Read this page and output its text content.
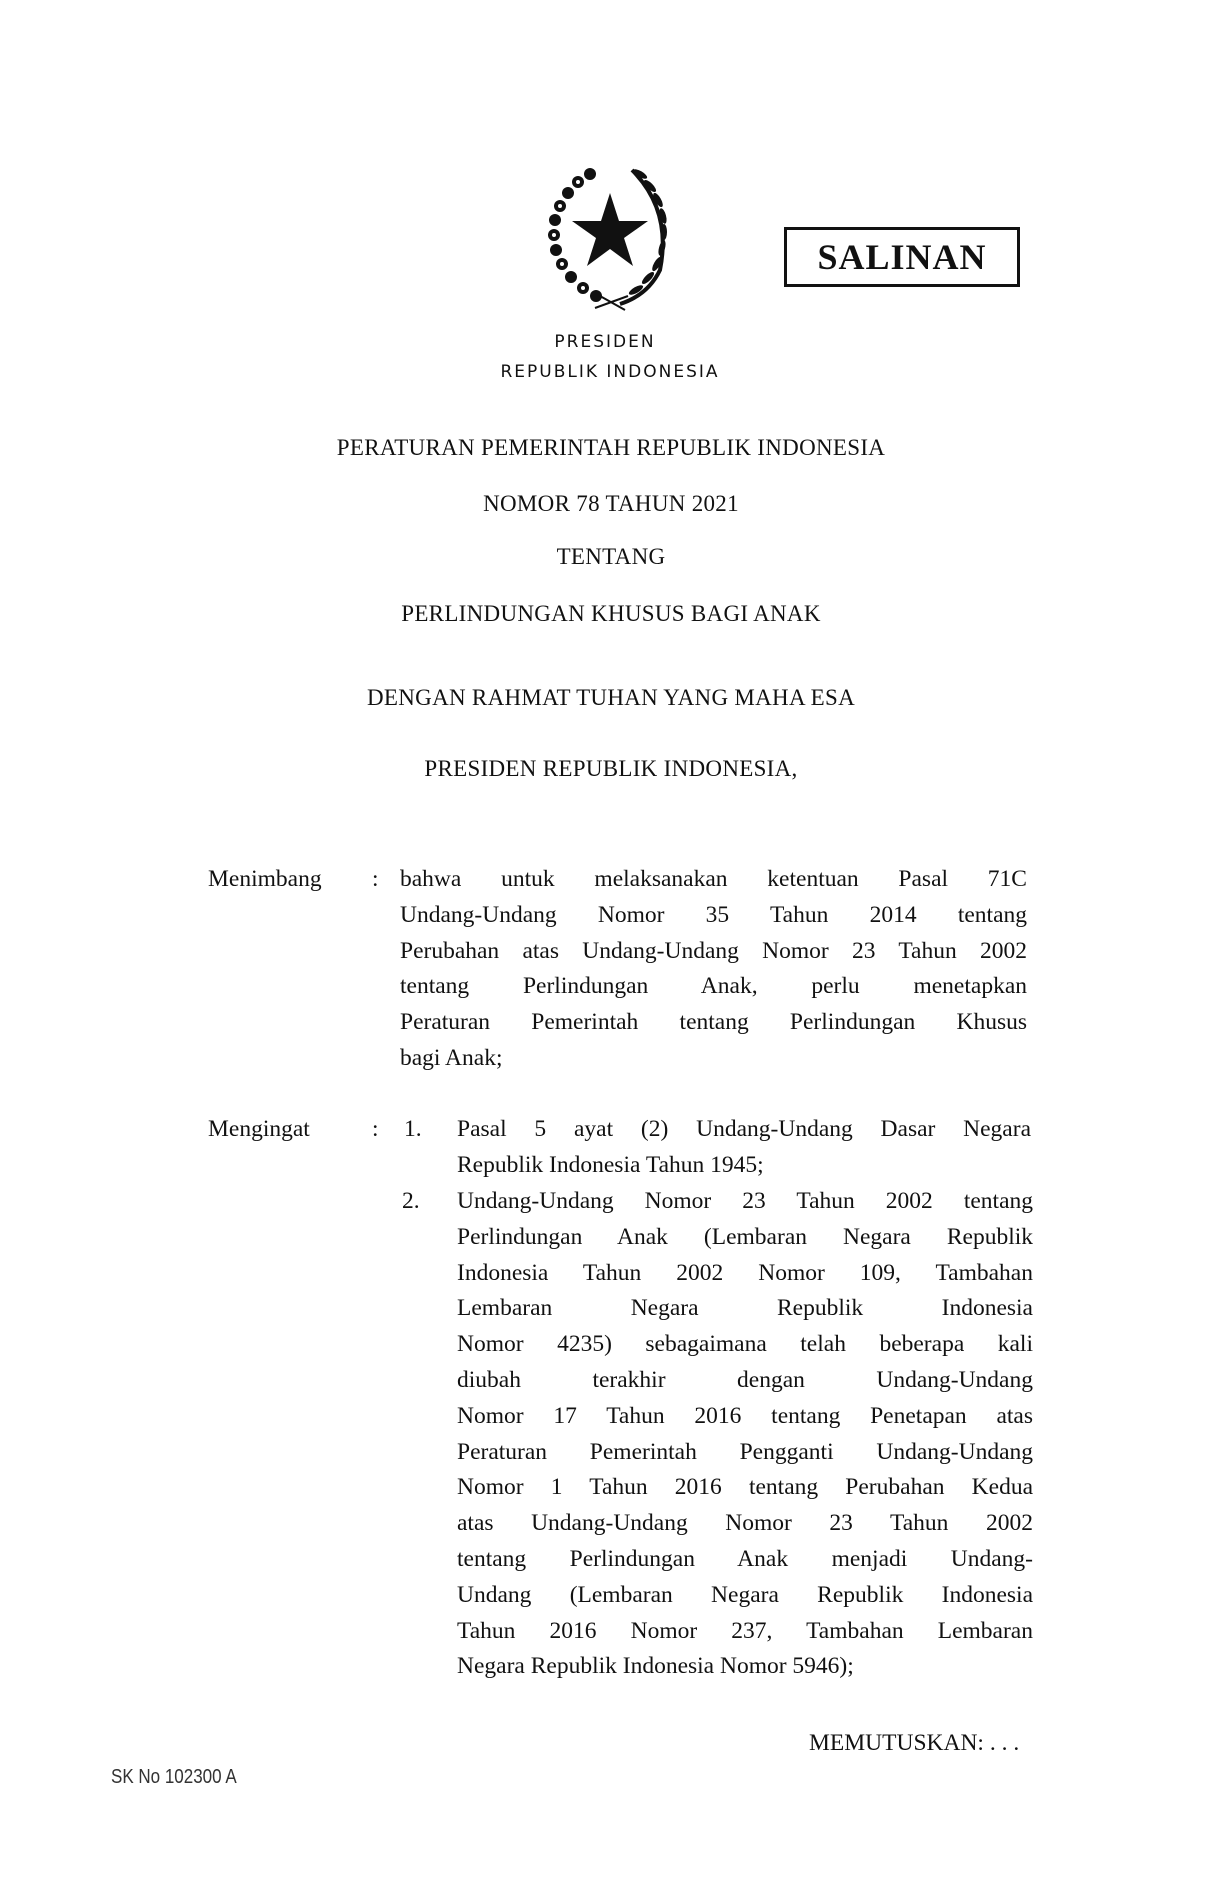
SALINAN
PRESIDEN
REPUBLIK INDONESIA
PERATURAN PEMERINTAH REPUBLIK INDONESIA
NOMOR 78 TAHUN 2021
TENTANG
PERLINDUNGAN KHUSUS BAGI ANAK
DENGAN RAHMAT TUHAN YANG MAHA ESA
PRESIDEN REPUBLIK INDONESIA,
Menimbang : bahwa untuk melaksanakan ketentuan Pasal 71C
Undang-Undang Nomor 35 Tahun 2014 tentang
Perubahan atas Undang-Undang Nomor 23 Tahun 2002
tentang Perlindungan Anak, perlu menetapkan
Peraturan Pemerintah tentang Perlindungan Khusus
bagi Anak;
Mengingat	: 1. Pasal 5 ayat (2) Undang-Undang Dasar Negara
Republik Indonesia Tahun 1945;
2. Undang-Undang Nomor 23 Tahun 2002 tentang
Perlindungan Anak (Lembaran Negara Republik
Indonesia Tahun 2002 Nomor 109, Tambahan
Lembaran Negara Republik Indonesia
Nomor 4235) sebagaimana telah beberapa kali
diubah terakhir dengan Undang-Undang
Nomor 17 Tahun 2016 tentang Penetapan atas
Peraturan Pemerintah Pengganti Undang-Undang
Nomor 1 Tahun 2016 tentang Perubahan Kedua
atas Undang-Undang Nomor 23 Tahun 2002
tentang Perlindungan Anak menjadi Undang-
Undang (Lembaran Negara Republik Indonesia
Tahun 2016 Nomor 237, Tambahan Lembaran
Negara Republik Indonesia Nomor 5946);
MEMUTUSKAN: . . .
SK No 102300 A
